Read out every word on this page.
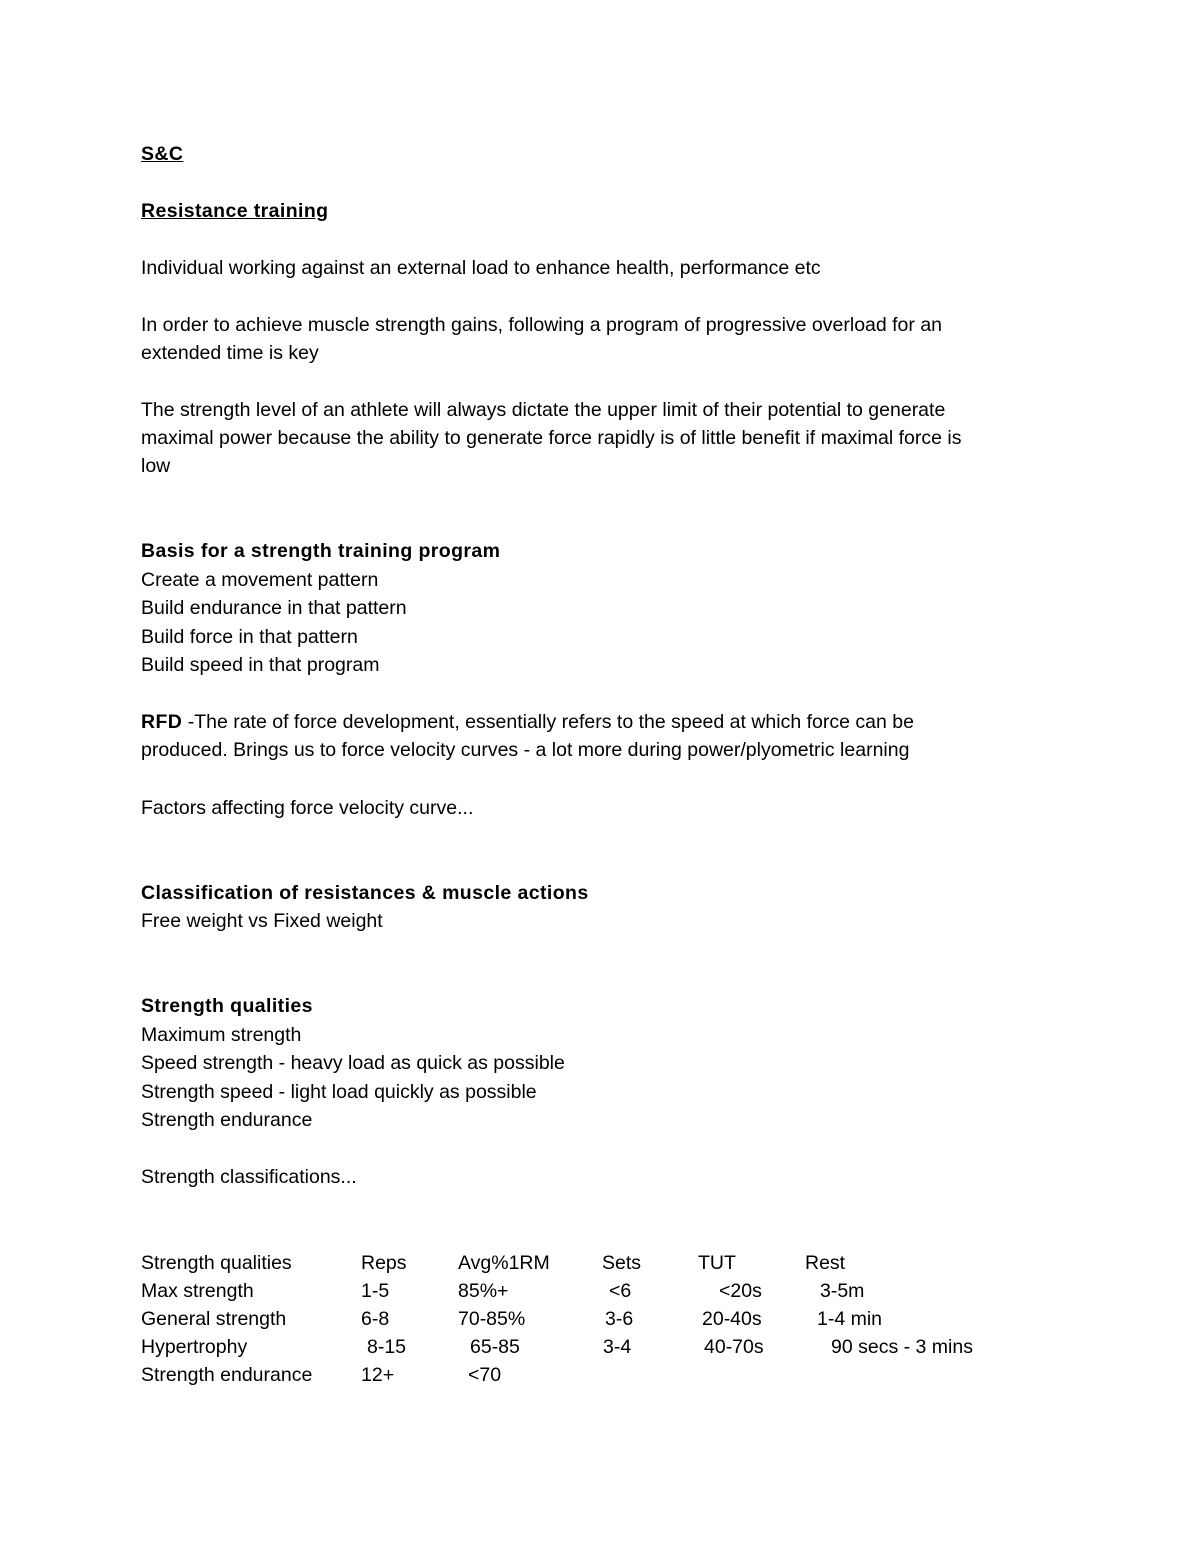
S&C
Resistance training
Individual working against an external load to enhance health, performance etc
In order to achieve muscle strength gains, following a program of progressive overload for an
extended time is key
The strength level of an athlete will always dictate the upper limit of their potential to generate
maximal power because the ability to generate force rapidly is of little benefit if maximal force is
low
Basis for a strength training program
Create a movement pattern
Build endurance in that pattern
Build force in that pattern
Build speed in that program
RFD -The rate of force development, essentially refers to the speed at which force can be
produced. Brings us to force velocity curves - a lot more during power/plyometric learning
Factors affecting force velocity curve...
Classification of resistances & muscle actions
Free weight vs Fixed weight
Strength qualities
Maximum strength
Speed strength - heavy load as quick as possible
Strength speed - light load quickly as possible
Strength endurance
Strength classifications...
Strength qualities	Reps	Avg%1RM	Sets	TUT	Rest
Max strength	1-5	85%+	<6	<20s	3-5m
General strength	6-8	70-85%	3-6	20-40s	1-4 min
Hypertrophy	8-15	65-85	3-4	40-70s	90 secs - 3 mins
Strength endurance 12+	<70
